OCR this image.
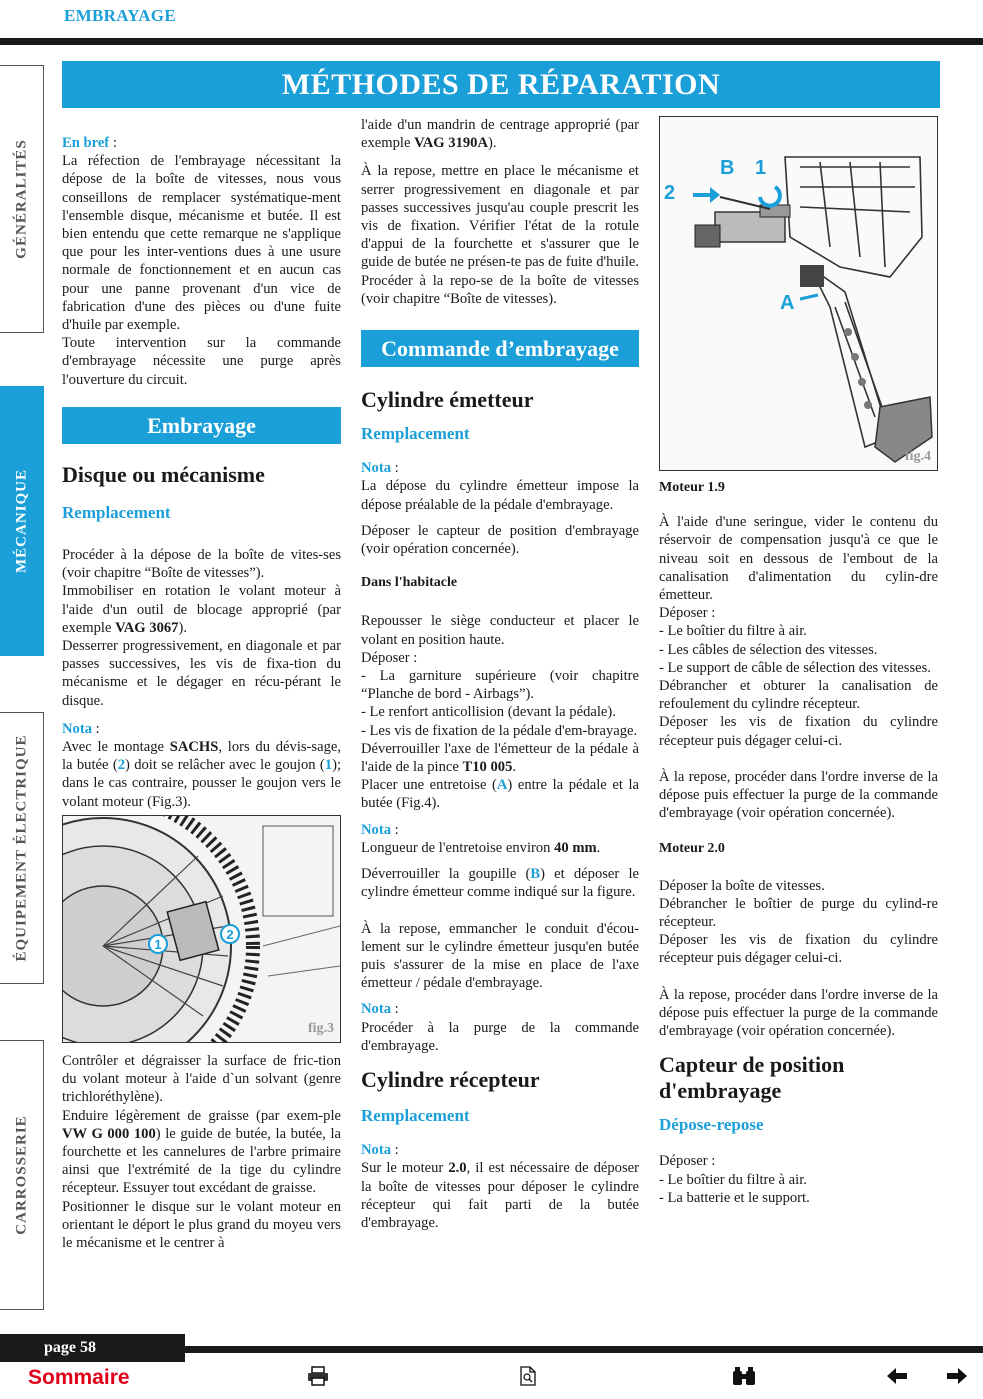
EMBRAYAGE
MÉTHODES DE RÉPARATION
GÉNÉRALITÉS
MÉCANIQUE
ÉQUIPEMENT ÉLECTRIQUE
CARROSSERIE

En bref :

La réfection de l'embrayage nécessitant la dépose de la boîte de vitesses, nous vous conseillons de remplacer systématique-ment l'ensemble disque, mécanisme et butée. Il est bien entendu que cette remarque ne s'applique que pour les inter-ventions dues à une usure normale de fonctionnement et en aucun cas pour une panne provenant d'un vice de fabrication d'une des pièces ou d'une fuite d'huile par exemple.

Toute intervention sur la commande d'embrayage nécessite une purge après l'ouverture du circuit.

Embrayage
Disque ou mécanisme
Remplacement

Procéder à la dépose de la boîte de vites-ses (voir chapitre “Boîte de vitesses”).

Immobiliser en rotation le volant moteur à l'aide d'un outil de blocage approprié (par exemple VAG 3067).

Desserrer progressivement, en diagonale et par passes successives, les vis de fixa-tion du mécanisme et le dégager en récu-pérant le disque.

Nota :

Avec le montage SACHS, lors du dévis-sage, la butée (2) doit se relâcher avec le goujon (1); dans le cas contraire, pousser le goujon vers le volant moteur (Fig.3).

1
2
fig.3

Contrôler et dégraisser la surface de fric-tion du volant moteur à l'aide d`un solvant (genre trichloréthylène).

Enduire légèrement de graisse (par exem-ple VW G 000 100) le guide de butée, la butée, la fourchette et les cannelures de l'arbre primaire ainsi que l'extrémité de la tige du cylindre récepteur. Essuyer tout excédant de graisse.

Positionner le disque sur le volant moteur en orientant le déport le plus grand du moyeu vers le mécanisme et le centrer à

l'aide d'un mandrin de centrage approprié (par exemple VAG 3190A).

À la repose, mettre en place le mécanisme et serrer progressivement en diagonale et par passes successives jusqu'au couple prescrit les vis de fixation. Vérifier l'état de la rotule d'appui de la fourchette et s'assurer que le guide de butée ne présen-te pas de fuite d'huile. Procéder à la repo-se de la boîte de vitesses (voir chapitre “Boîte de vitesses).

Commande d’embrayage
Cylindre émetteur
Remplacement

Nota :

La dépose du cylindre émetteur impose la dépose préalable de la pédale d'embrayage.

Déposer le capteur de position d'embrayage (voir opération concernée).

Dans l'habitacle

Repousser le siège conducteur et placer le volant en position haute.

Déposer :

- La garniture supérieure (voir chapitre “Planche de bord - Airbags”).

- Le renfort anticollision (devant la pédale).

- Les vis de fixation de la pédale d'em-brayage.

Déverrouiller l'axe de l'émetteur de la pédale à l'aide de la pince T10 005.

Placer une entretoise (A) entre la pédale et la butée (Fig.4).

Nota :

Longueur de l'entretoise environ 40 mm.

Déverrouiller la goupille (B) et déposer le cylindre émetteur comme indiqué sur la figure.

À la repose, emmancher le conduit d'écou-lement sur le cylindre émetteur jusqu'en butée puis s'assurer de la mise en place de l'axe émetteur / pédale d'embrayage.

Nota :

Procéder à la purge de la commande d'embrayage.

Cylindre récepteur
Remplacement

Nota :

Sur le moteur 2.0, il est nécessaire de déposer la boîte de vitesses pour déposer le cylindre récepteur qui fait parti de la butée d'embrayage.

B 1
2
A
fig.4

Moteur 1.9

À l'aide d'une seringue, vider le contenu du réservoir de compensation jusqu'à ce que le niveau soit en dessous de l'embout de la canalisation d'alimentation du cylin-dre émetteur.

Déposer :

- Le boîtier du filtre à air.

- Les câbles de sélection des vitesses.

- Le support de câble de sélection des vitesses.

Débrancher et obturer la canalisation de refoulement du cylindre récepteur.

Déposer les vis de fixation du cylindre récepteur puis dégager celui-ci.

À la repose, procéder dans l'ordre inverse de la dépose puis effectuer la purge de la commande d'embrayage (voir opération concernée).

Moteur 2.0

Déposer la boîte de vitesses.

Débrancher le boîtier de purge du cylind-re récepteur.

Déposer les vis de fixation du cylindre récepteur puis dégager celui-ci.

À la repose, procéder dans l'ordre inverse de la dépose puis effectuer la purge de la commande d'embrayage (voir opération concernée).

Capteur de position d'embrayage
Dépose-repose

Déposer :

- Le boîtier du filtre à air.

- La batterie et le support.

page 58
Sommaire
